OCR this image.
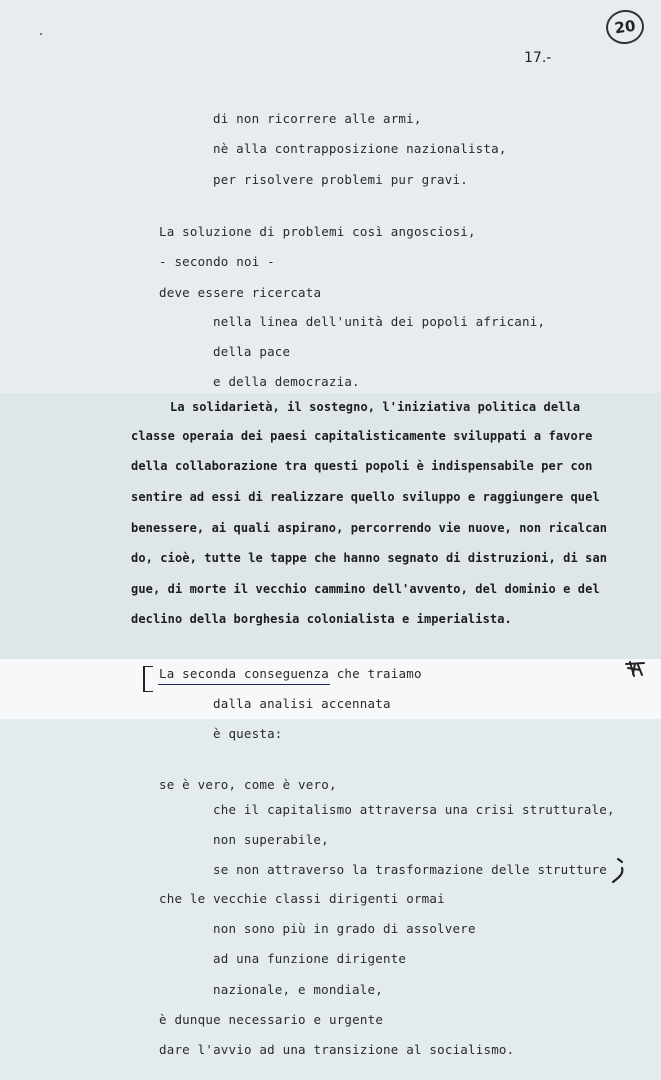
20
17.-
di non ricorrere alle armi,
nè alla contrapposizione nazionalista,
per risolvere problemi pur gravi.
La soluzione di problemi così angosciosi,
- secondo noi -
deve essere ricercata
nella linea dell'unità dei popoli africani,
della pace
e della democrazia.
La solidarietà, il sostegno, l'iniziativa politica della
classe operaia dei paesi capitalisticamente sviluppati a favore
della collaborazione tra questi popoli è indispensabile per con
sentire ad essi di realizzare quello sviluppo e raggiungere quel
benessere, ai quali aspirano, percorrendo vie nuove, non ricalcan
do, cioè, tutte le tappe che hanno segnato di distruzioni, di san
gue, di morte il vecchio cammino dell'avvento, del dominio e del
declino della borghesia colonialista e imperialista.
La seconda conseguenza che traiamo
dalla analisi accennata
è questa:
se è vero, come è vero,
che il capitalismo attraversa una crisi strutturale,
non superabile,
se non attraverso la trasformazione delle strutture
che le vecchie classi dirigenti ormai
non sono più in grado di assolvere
ad una funzione dirigente
nazionale, e mondiale,
è dunque necessario e urgente
dare l'avvio ad una transizione al socialismo.
